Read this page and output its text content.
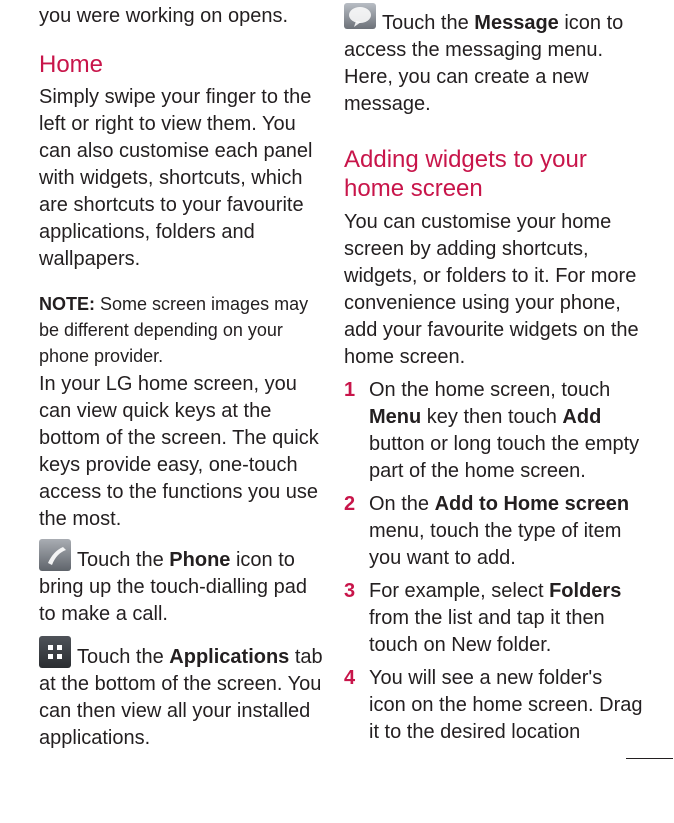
you were working on opens.

Home

Simply swipe your finger to the left or right to view them. You can also customise each panel with widgets, shortcuts, which are shortcuts to your favourite applications, folders and wallpapers.

NOTE: Some screen images may be different depending on your phone provider.

In your LG home screen, you can view quick keys at the bottom of the screen. The quick keys provide easy, one-touch access to the functions you use the most.

Touch the Phone icon to bring up the touch-dialling pad to make a call.

Touch the Applications tab at the bottom of the screen. You can then view all your installed applications.

Touch the Message icon to access the messaging menu. Here, you can create a new message.

Adding widgets to your home screen

You can customise your home screen by adding shortcuts, widgets, or folders to it. For more convenience using your phone, add your favourite widgets on the home screen.

1 On the home screen, touch Menu key then touch Add button or long touch the empty part of the home screen.
2 On the Add to Home screen menu, touch the type of item you want to add.
3 For example, select Folders from the list and tap it then touch on New folder.
4 You will see a new folder's icon on the home screen. Drag it to the desired location
